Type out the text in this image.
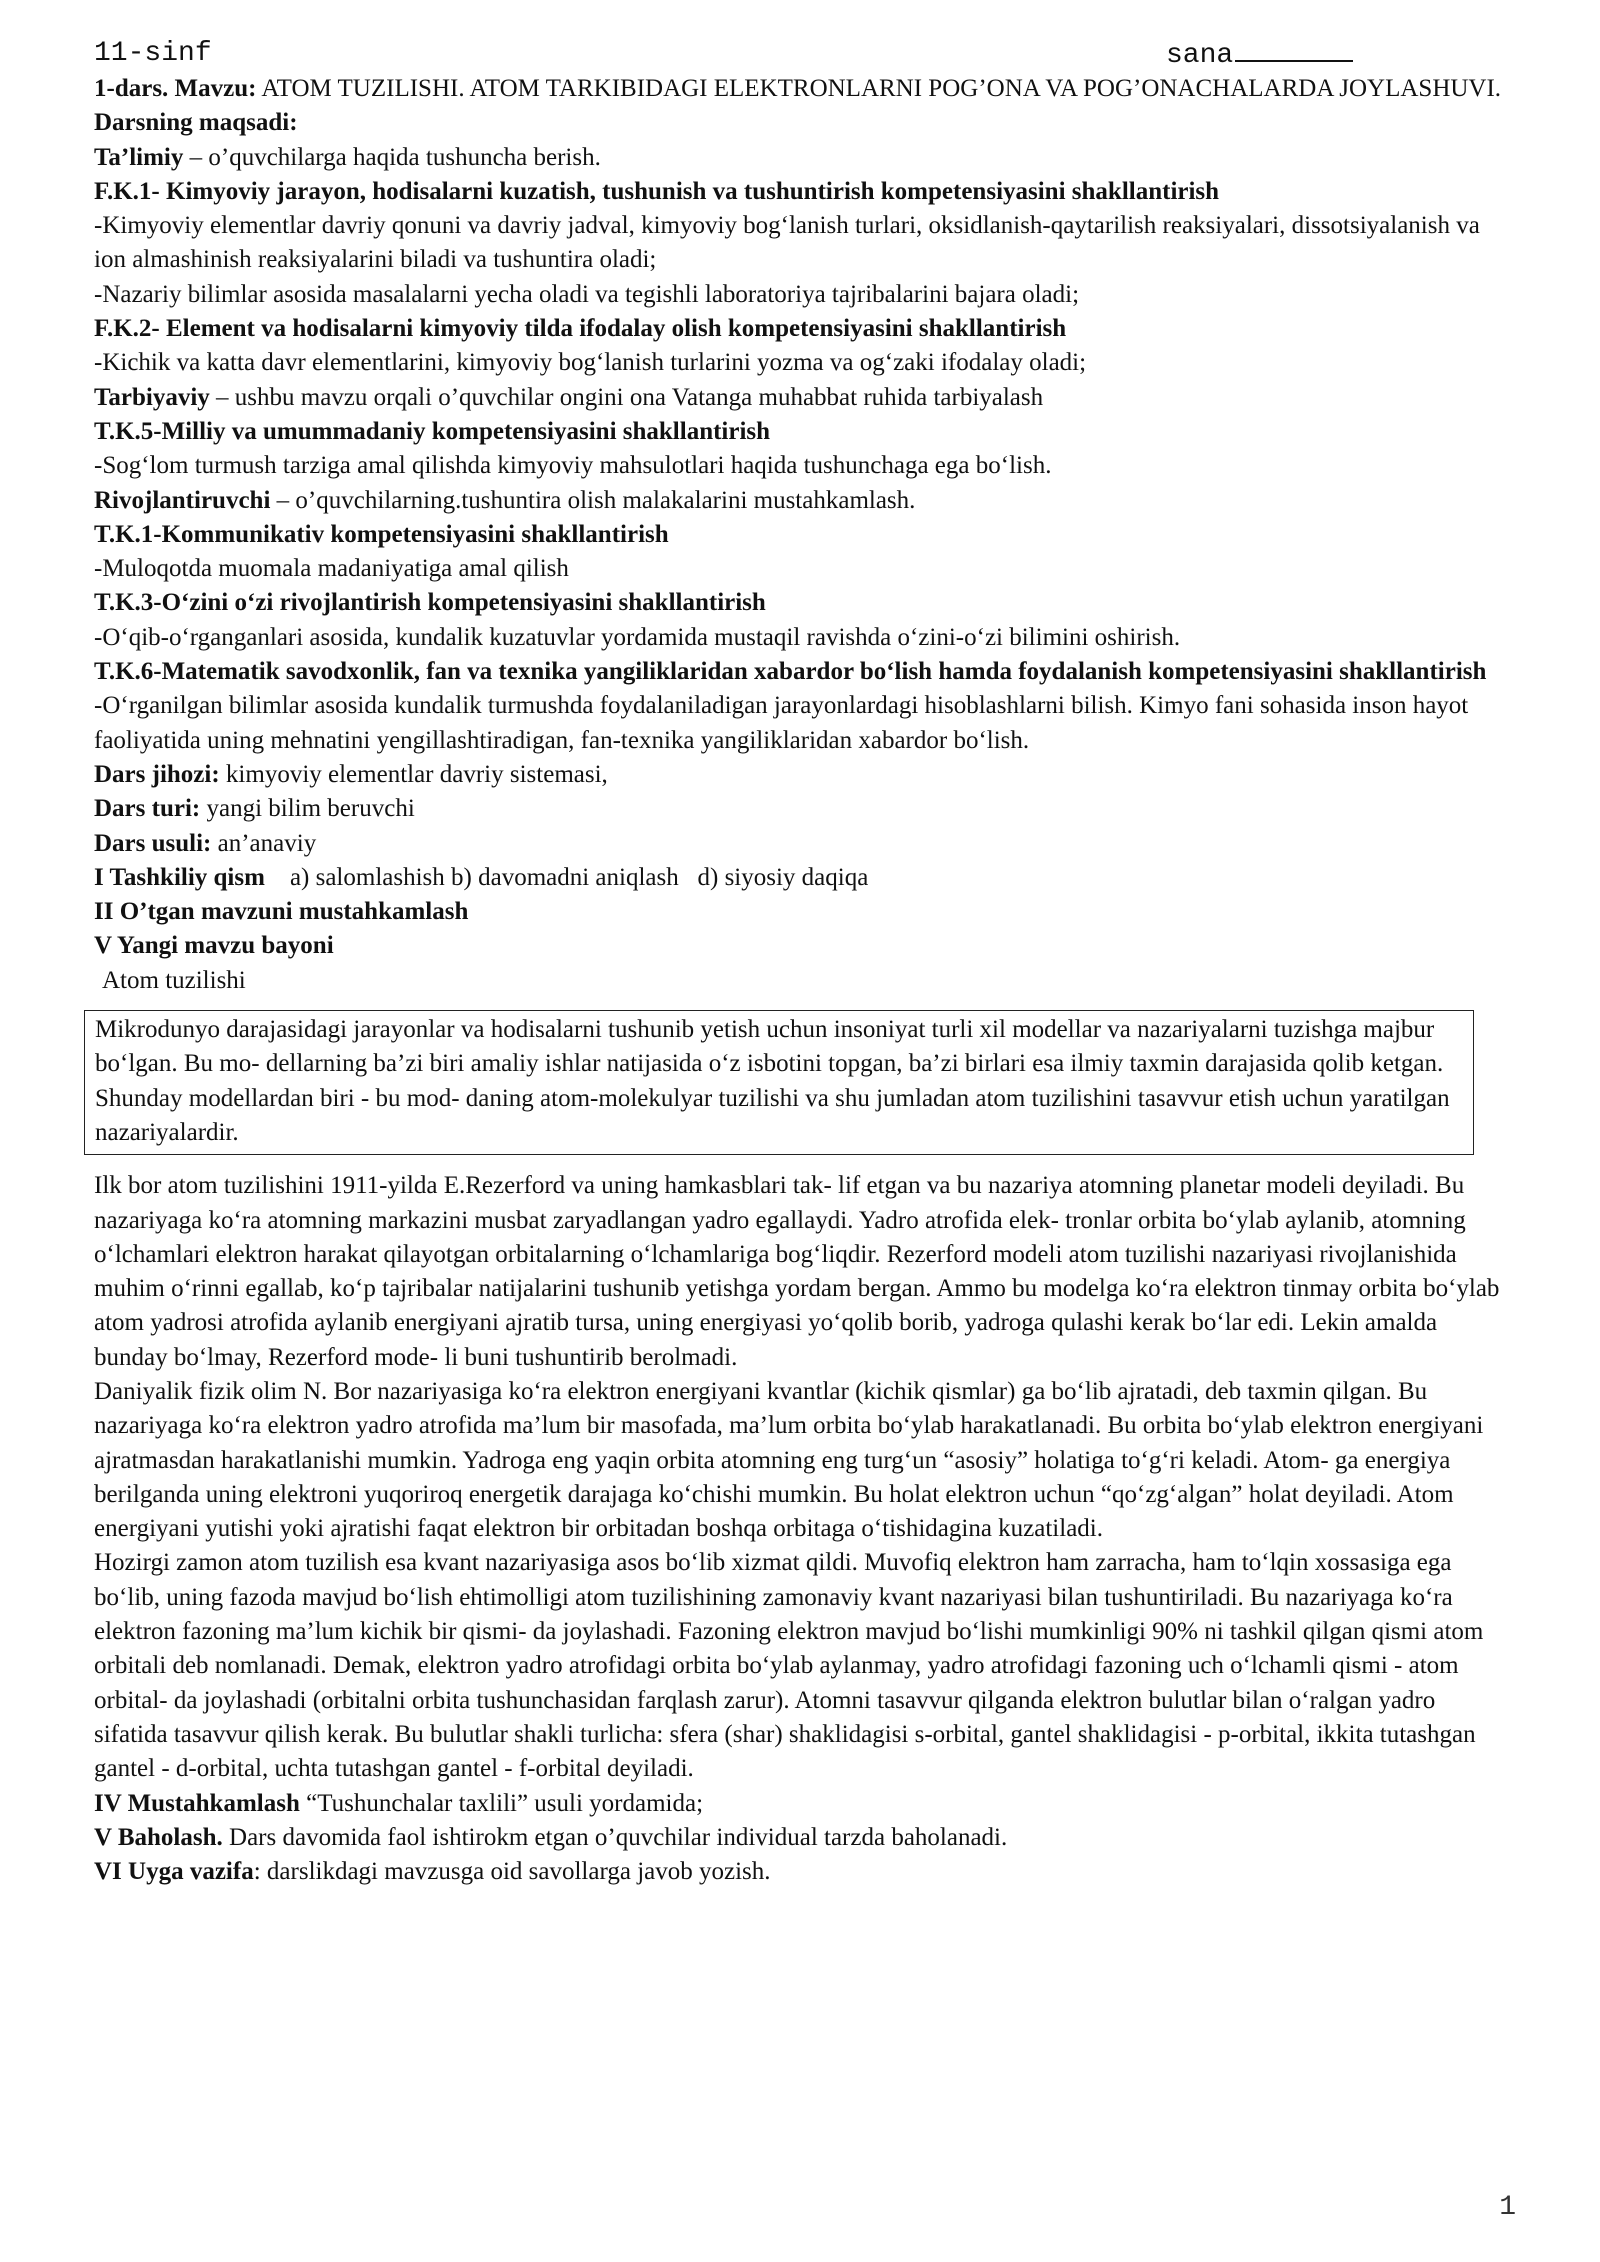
11-sinf	sana

1-dars. Mavzu: ATOM TUZILISHI. ATOM TARKIBIDAGI ELEKTRONLARNI POG’ONA VA POG’ONACHALARDA JOYLASHUVI.

Darsning maqsadi:

Ta’limiy – o’quvchilarga haqida tushuncha berish.

F.K.1- Kimyoviy jarayon, hodisalarni kuzatish, tushunish va tushuntirish kompetensiyasini shakllantirish

-Kimyoviy elementlar davriy qonuni va davriy jadval, kimyoviy bog‘lanish turlari, oksidlanish-qaytarilish reaksiyalari, dissotsiyalanish va ion almashinish reaksiyalarini biladi va tushuntira oladi;

-Nazariy bilimlar asosida masalalarni yecha oladi va tegishli laboratoriya tajribalarini bajara oladi;

F.K.2- Element va hodisalarni kimyoviy tilda ifodalay olish kompetensiyasini shakllantirish

-Kichik va katta davr elementlarini, kimyoviy bog‘lanish turlarini yozma va og‘zaki ifodalay oladi;

Tarbiyaviy – ushbu mavzu orqali o’quvchilar ongini ona Vatanga muhabbat ruhida tarbiyalash

T.K.5-Milliy va umummadaniy kompetensiyasini shakllantirish

-Sog‘lom turmush tarziga amal qilishda kimyoviy mahsulotlari haqida tushunchaga ega bo‘lish.

Rivojlantiruvchi – o’quvchilarning.tushuntira olish malakalarini mustahkamlash.

T.K.1-Kommunikativ kompetensiyasini shakllantirish

-Muloqotda muomala madaniyatiga amal qilish

T.K.3-O‘zini o‘zi rivojlantirish kompetensiyasini shakllantirish

-O‘qib-o‘rganganlari asosida, kundalik kuzatuvlar yordamida mustaqil ravishda o‘zini-o‘zi bilimini oshirish.

T.K.6-Matematik savodxonlik, fan va texnika yangiliklaridan xabardor bo‘lish hamda foydalanish kompetensiyasini shakllantirish

-O‘rganilgan bilimlar asosida kundalik turmushda foydalaniladigan jarayonlardagi hisoblashlarni bilish. Kimyo fani sohasida inson hayot faoliyatida uning mehnatini yengillashtiradigan, fan-texnika yangiliklaridan xabardor bo‘lish.

Dars jihozi: kimyoviy elementlar davriy sistemasi,

Dars turi: yangi bilim beruvchi

Dars usuli: an’anaviy

I Tashkiliy qism    a) salomlashish b) davomadni aniqlash   d) siyosiy daqiqa

II O’tgan mavzuni mustahkamlash

V Yangi mavzu bayoni

Atom tuzilishi

Mikrodunyo darajasidagi jarayonlar va hodisalarni tushunib yetish uchun insoniyat turli xil modellar va nazariyalarni tuzishga majbur bo‘lgan. Bu mo- dellarning ba’zi biri amaliy ishlar natijasida o‘z isbotini topgan, ba’zi birlari esa ilmiy taxmin darajasida qolib ketgan. Shunday modellardan biri - bu mod- daning atom-molekulyar tuzilishi va shu jumladan atom tuzilishini tasavvur etish uchun yaratilgan nazariyalardir.

Ilk bor atom tuzilishini 1911-yilda E.Rezerford va uning hamkasblari tak- lif etgan va bu nazariya atomning planetar modeli deyiladi. Bu nazariyaga ko‘ra atomning markazini musbat zaryadlangan yadro egallaydi. Yadro atrofida elek- tronlar orbita bo‘ylab aylanib, atomning o‘lchamlari elektron harakat qilayotgan orbitalarning o‘lchamlariga bog‘liqdir. Rezerford modeli atom tuzilishi nazariyasi rivojlanishida muhim o‘rinni egallab, ko‘p tajribalar natijalarini tushunib yetishga yordam bergan. Ammo bu modelga ko‘ra elektron tinmay orbita bo‘ylab atom yadrosi atrofida aylanib energiyani ajratib tursa, uning energiyasi yo‘qolib borib, yadroga qulashi kerak bo‘lar edi. Lekin amalda bunday bo‘lmay, Rezerford mode- li buni tushuntirib berolmadi.

Daniyalik fizik olim N. Bor nazariyasiga ko‘ra elektron energiyani kvantlar (kichik qismlar) ga bo‘lib ajratadi, deb taxmin qilgan. Bu nazariyaga ko‘ra elektron yadro atrofida ma’lum bir masofada, ma’lum orbita bo‘ylab harakatlanadi. Bu orbita bo‘ylab elektron energiyani ajratmasdan harakatlanishi mumkin. Yadroga eng yaqin orbita atomning eng turg‘un “asosiy” holatiga to‘g‘ri keladi. Atom- ga energiya berilganda uning elektroni yuqoriroq energetik darajaga ko‘chishi mumkin. Bu holat elektron uchun “qo‘zg‘algan” holat deyiladi. Atom energiyani yutishi yoki ajratishi faqat elektron bir orbitadan boshqa orbitaga o‘tishidagina kuzatiladi.

Hozirgi zamon atom tuzilish esa kvant nazariyasiga asos bo‘lib xizmat qildi. Muvofiq elektron ham zarracha, ham to‘lqin xossasiga ega bo‘lib, uning fazoda mavjud bo‘lish ehtimolligi atom tuzilishining zamonaviy kvant nazariyasi bilan tushuntiriladi. Bu nazariyaga ko‘ra elektron fazoning ma’lum kichik bir qismi- da joylashadi. Fazoning elektron mavjud bo‘lishi mumkinligi 90% ni tashkil qilgan qismi atom orbitali deb nomlanadi. Demak, elektron yadro atrofidagi orbita bo‘ylab aylanmay, yadro atrofidagi fazoning uch o‘lchamli qismi - atom orbital- da joylashadi (orbitalni orbita tushunchasidan farqlash zarur). Atomni tasavvur qilganda elektron bulutlar bilan o‘ralgan yadro sifatida tasavvur qilish kerak. Bu bulutlar shakli turlicha: sfera (shar) shaklidagisi s-orbital, gantel shaklidagisi - p-orbital, ikkita tutashgan gantel - d-orbital, uchta tutashgan gantel - f-orbital deyiladi.

IV Mustahkamlash “Tushunchalar taxlili” usuli yordamida;

V Baholash. Dars davomida faol ishtirokm etgan o’quvchilar individual tarzda baholanadi.

VI Uyga vazifa: darslikdagi mavzusga oid savollarga javob yozish.

1
